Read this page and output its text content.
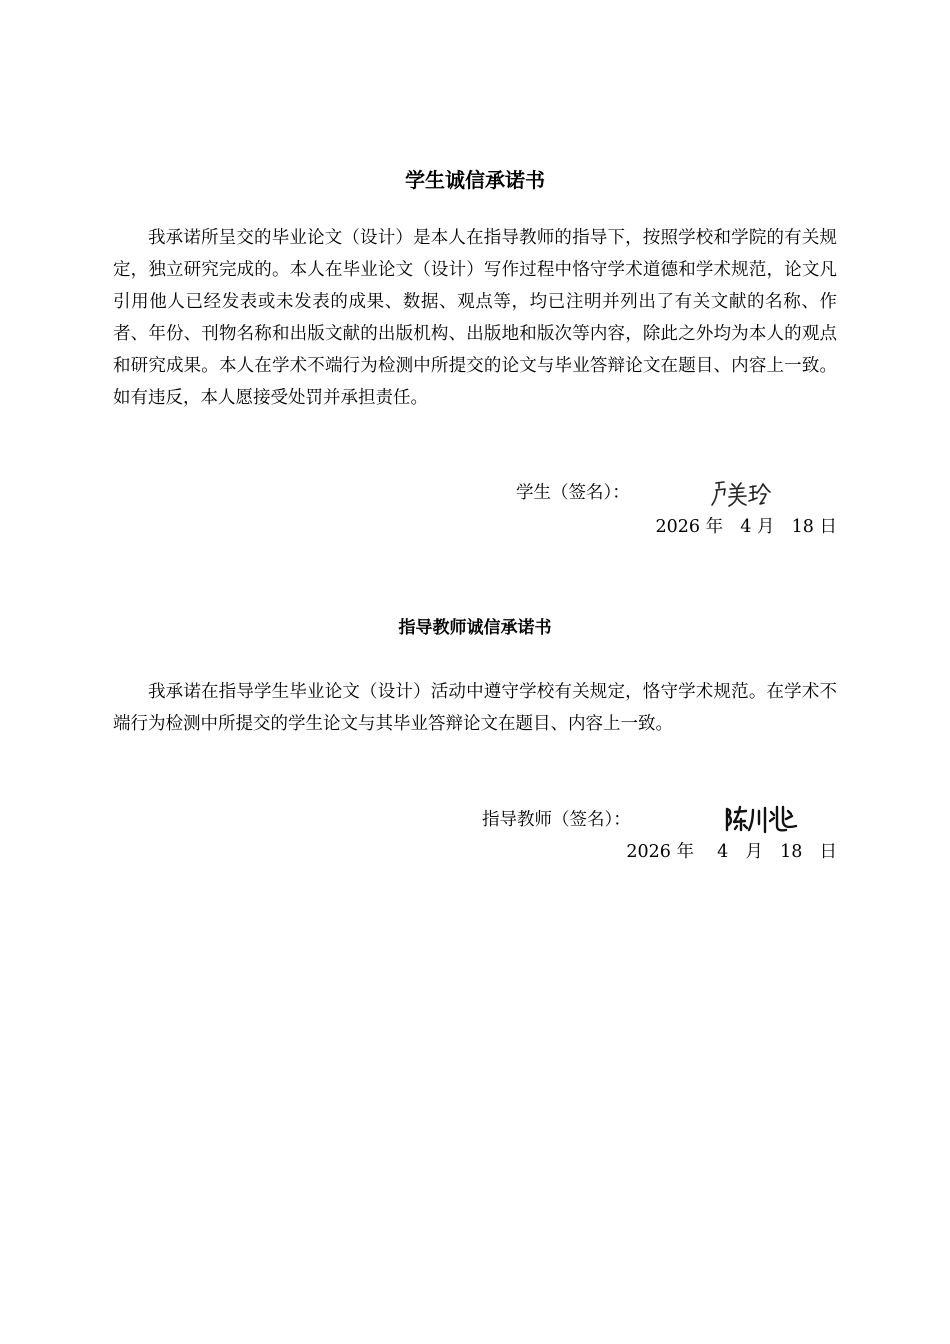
学生诚信承诺书

我承诺所呈交的毕业论文（设计）是本人在指导教师的指导下，按照学校和学院的有关规定，独立研究完成的。本人在毕业论文（设计）写作过程中恪守学术道德和学术规范，论文凡引用他人已经发表或未发表的成果、数据、观点等，均已注明并列出了有关文献的名称、作者、年份、刊物名称和出版文献的出版机构、出版地和版次等内容，除此之外均为本人的观点和研究成果。本人在学术不端行为检测中所提交的论文与毕业答辩论文在题目、内容上一致。如有违反，本人愿接受处罚并承担责任。

学生（签名）：
2026 年 4 月 18 日
指导教师诚信承诺书

我承诺在指导学生毕业论文（设计）活动中遵守学校有关规定，恪守学术规范。在学术不端行为检测中所提交的学生论文与其毕业答辩论文在题目、内容上一致。

指导教师（签名）：
2026 年 4 月 18 日
